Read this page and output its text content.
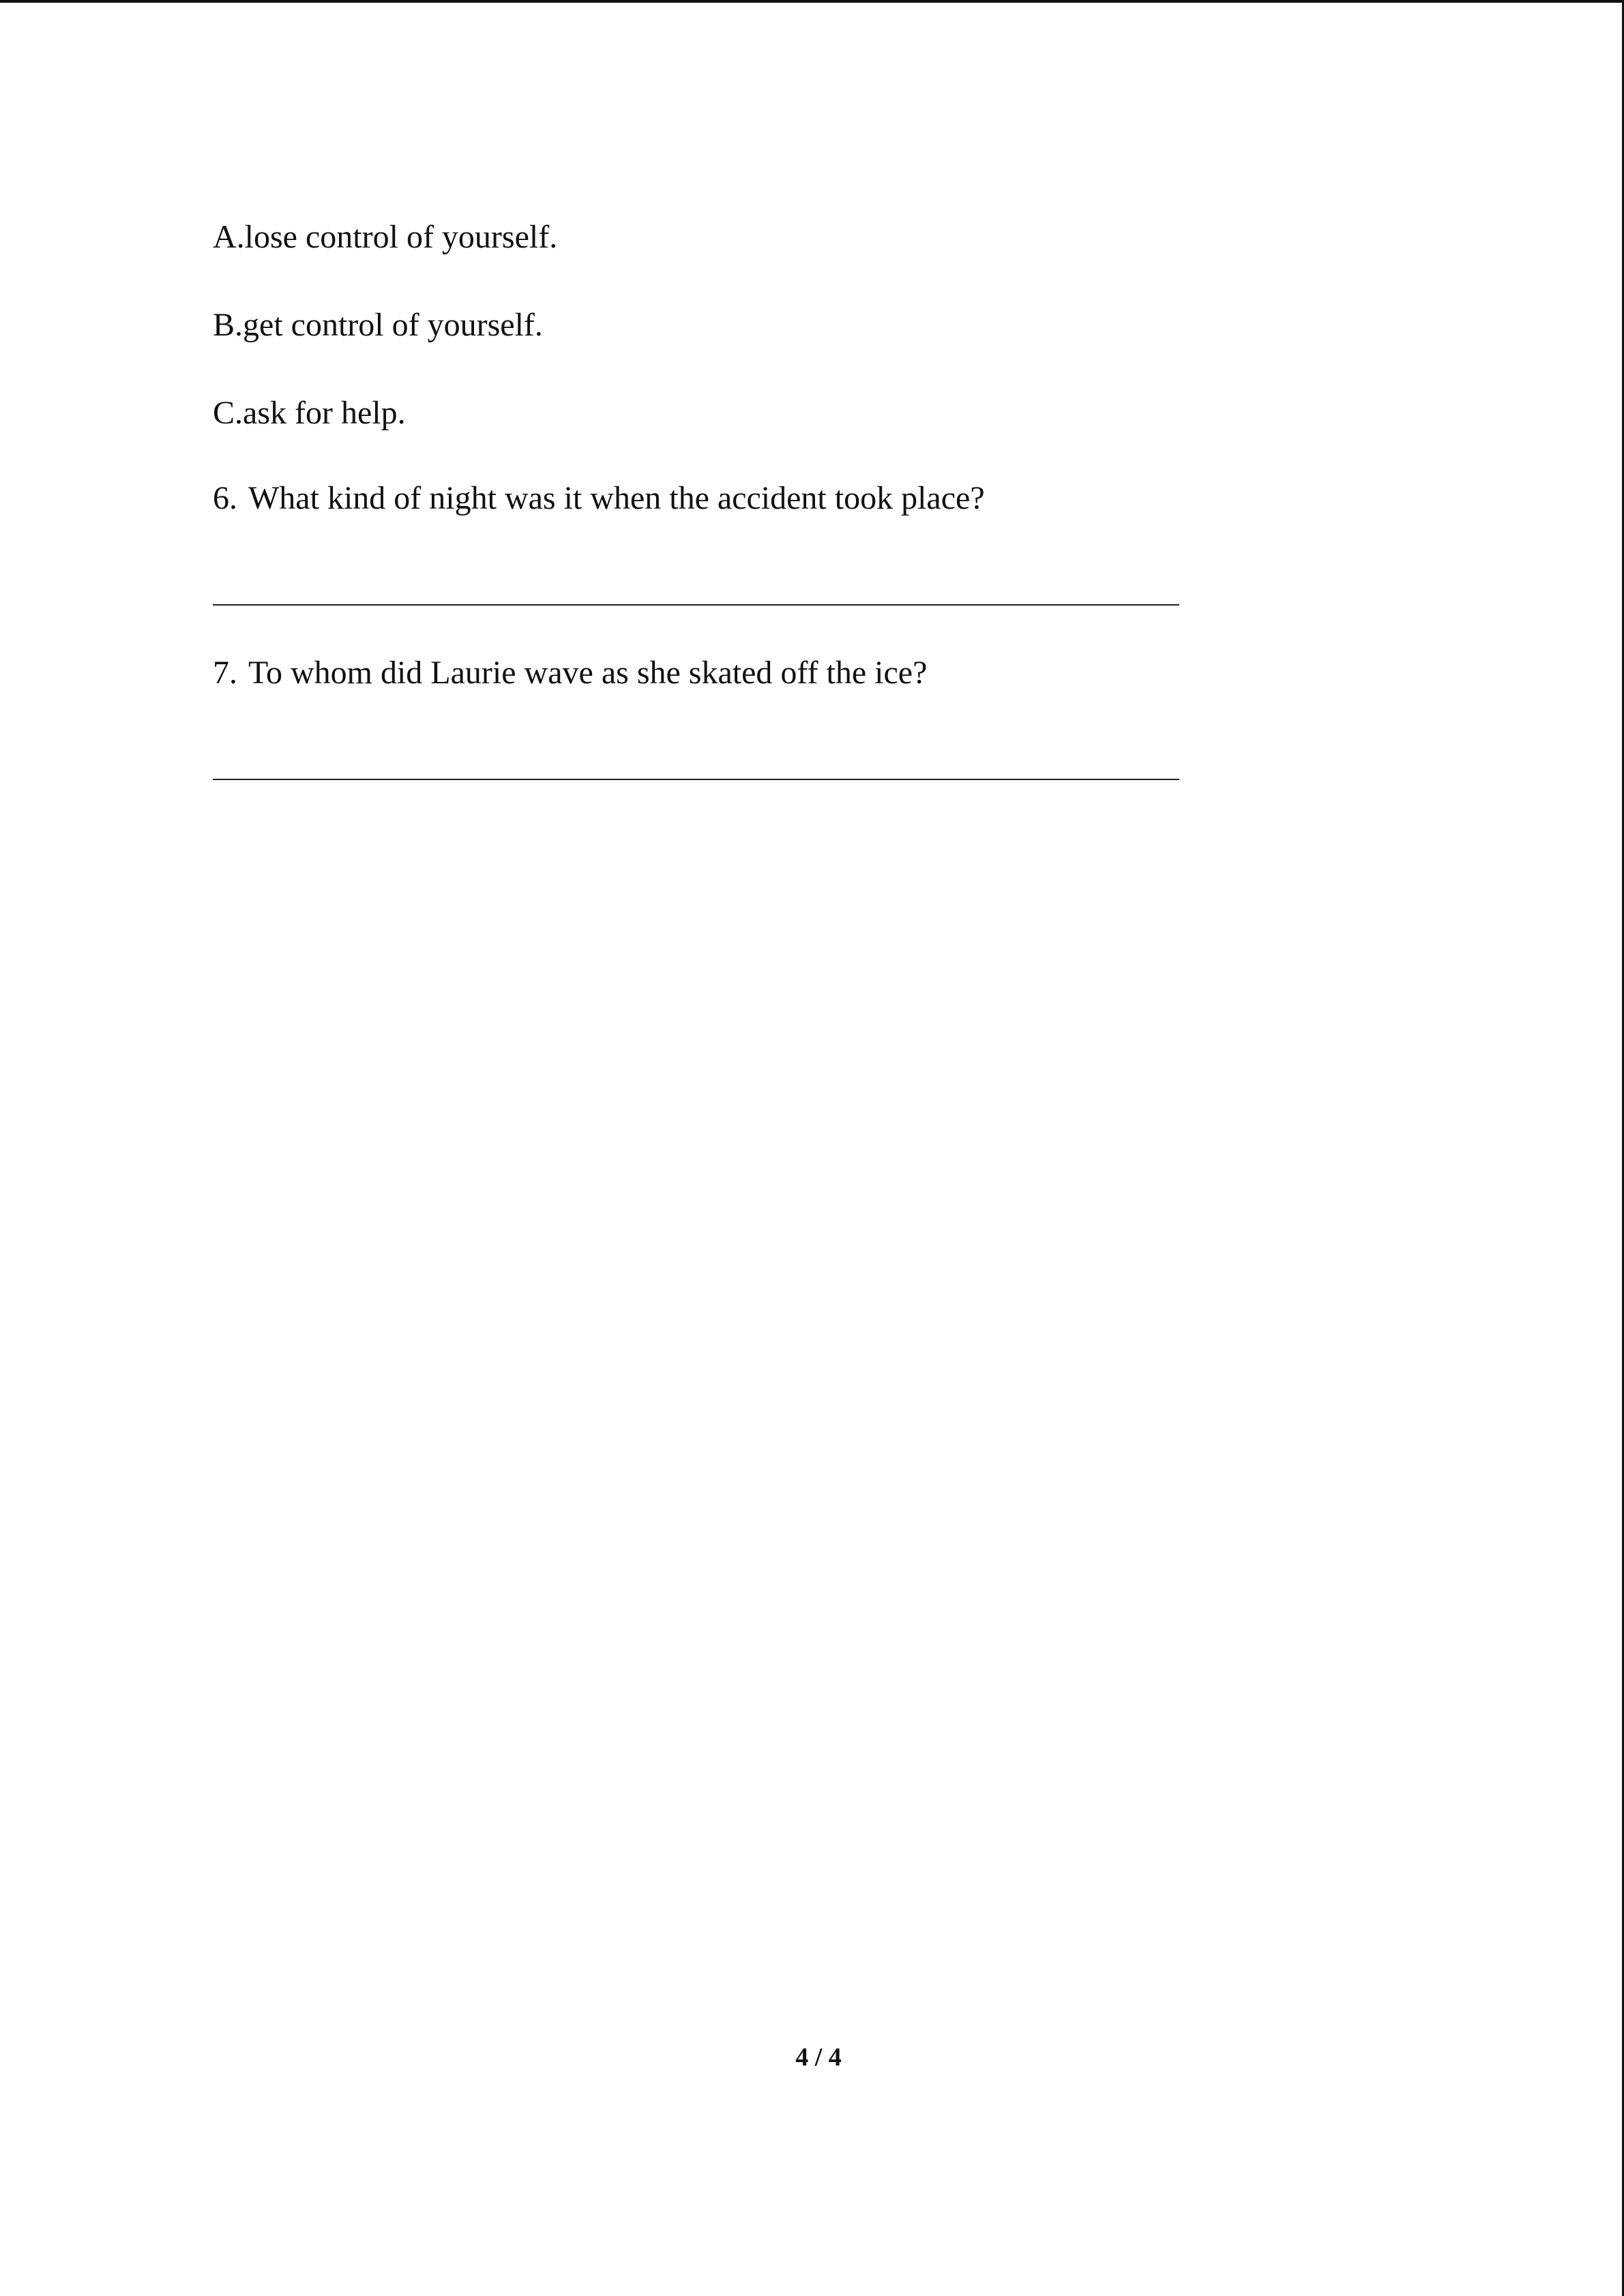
A.lose control of yourself.
B.get control of yourself.
C.ask for help.
6. What kind of night was it when the accident took place?
7. To whom did Laurie wave as she skated off the ice?
4 / 4
